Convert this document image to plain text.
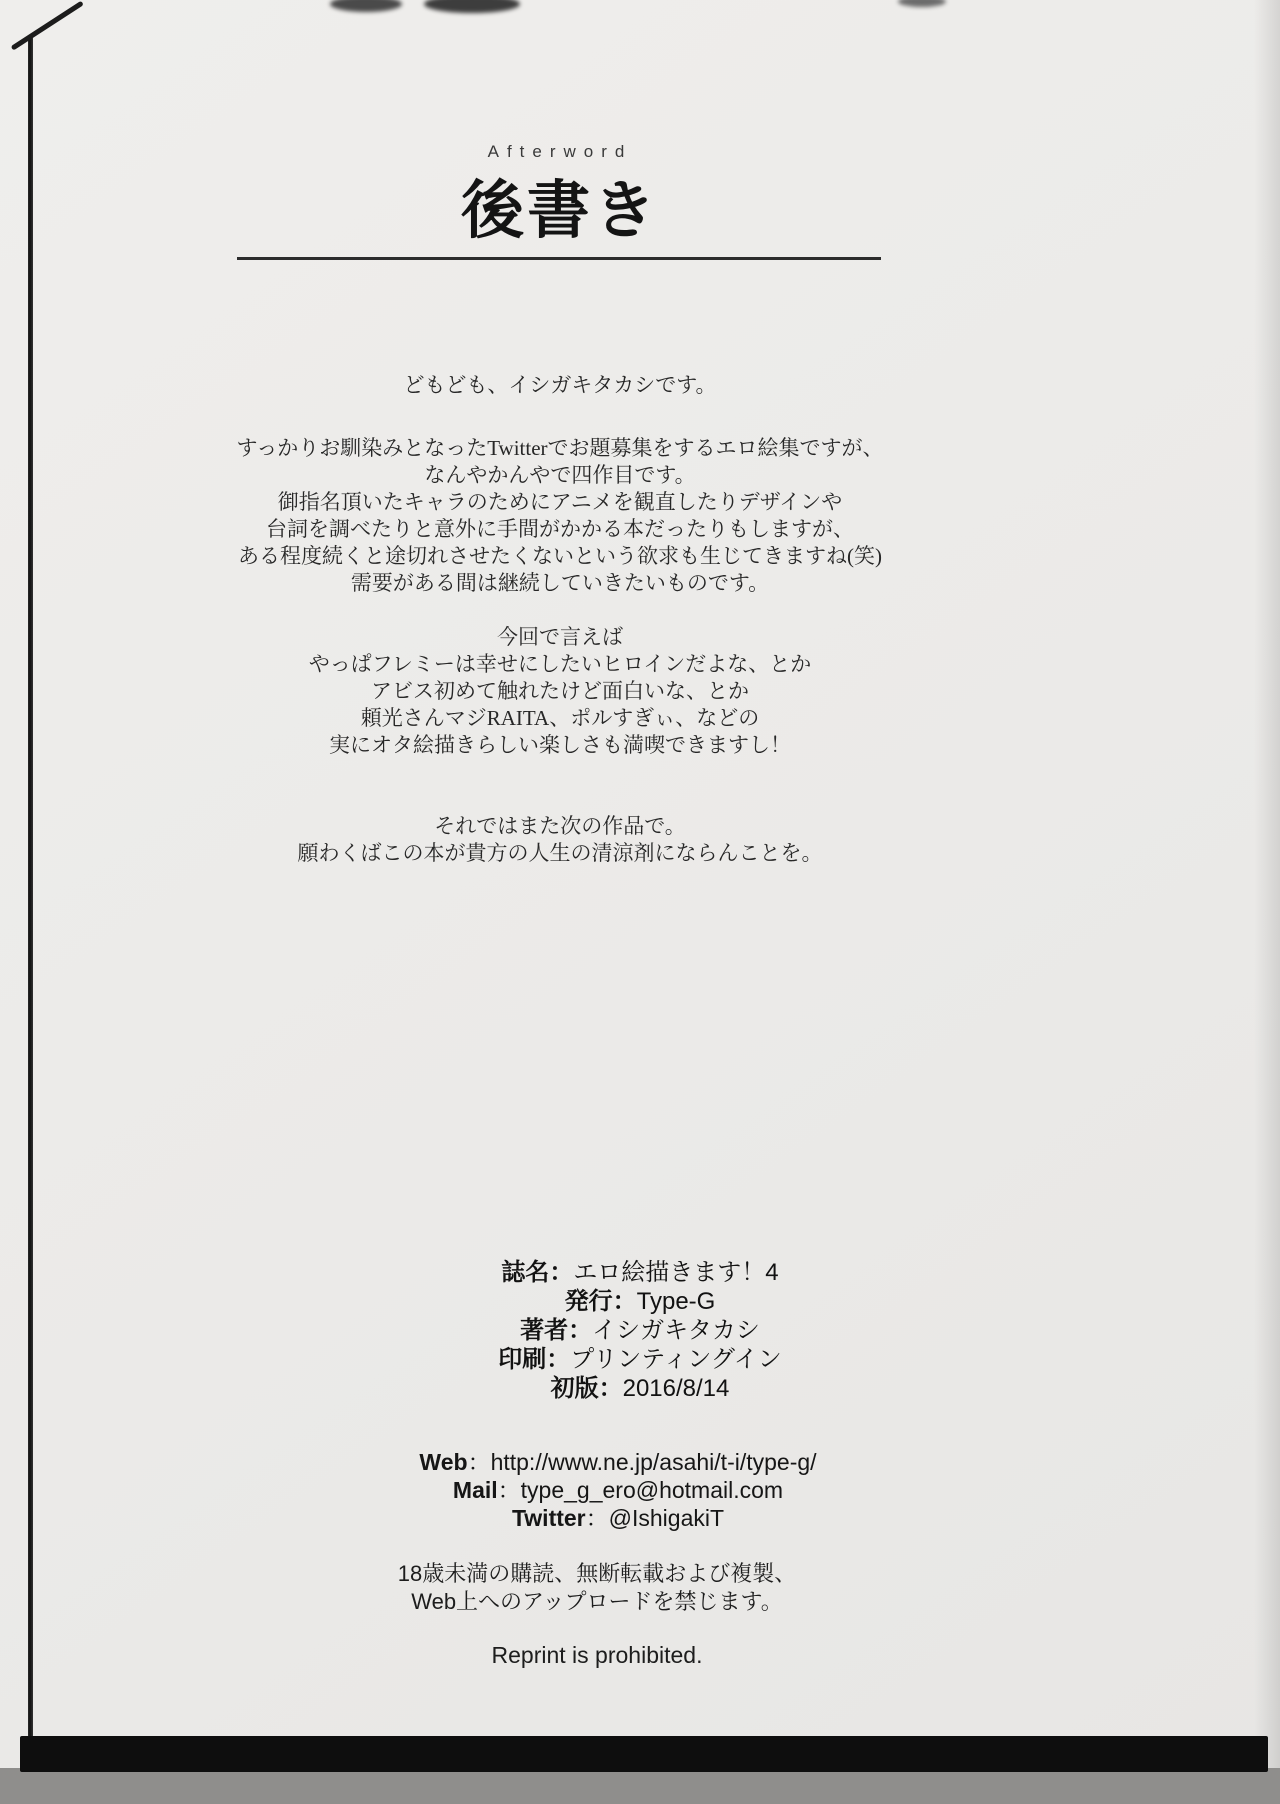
Afterword
後書き
どもども、イシガキタカシです。
すっかりお馴染みとなったTwitterでお題募集をするエロ絵集ですが、
なんやかんやで四作目です。
御指名頂いたキャラのためにアニメを観直したりデザインや
台詞を調べたりと意外に手間がかかる本だったりもしますが、
ある程度続くと途切れさせたくないという欲求も生じてきますね(笑)
需要がある間は継続していきたいものです。
今回で言えば
やっぱフレミーは幸せにしたいヒロインだよな、とか
アビス初めて触れたけど面白いな、とか
頼光さんマジRAITA、ポルすぎぃ、などの
実にオタ絵描きらしい楽しさも満喫できますし！
それではまた次の作品で。
願わくばこの本が貴方の人生の清涼剤にならんことを。
誌名：エロ絵描きます！4
発行：Type-G
著者：イシガキタカシ
印刷：プリンティングイン
初版：2016/8/14
Web：http://www.ne.jp/asahi/t-i/type-g/
Mail：type_g_ero@hotmail.com
Twitter：@IshigakiT
18歳未満の購読、無断転載および複製、
Web上へのアップロードを禁じます。
Reprint is prohibited.
